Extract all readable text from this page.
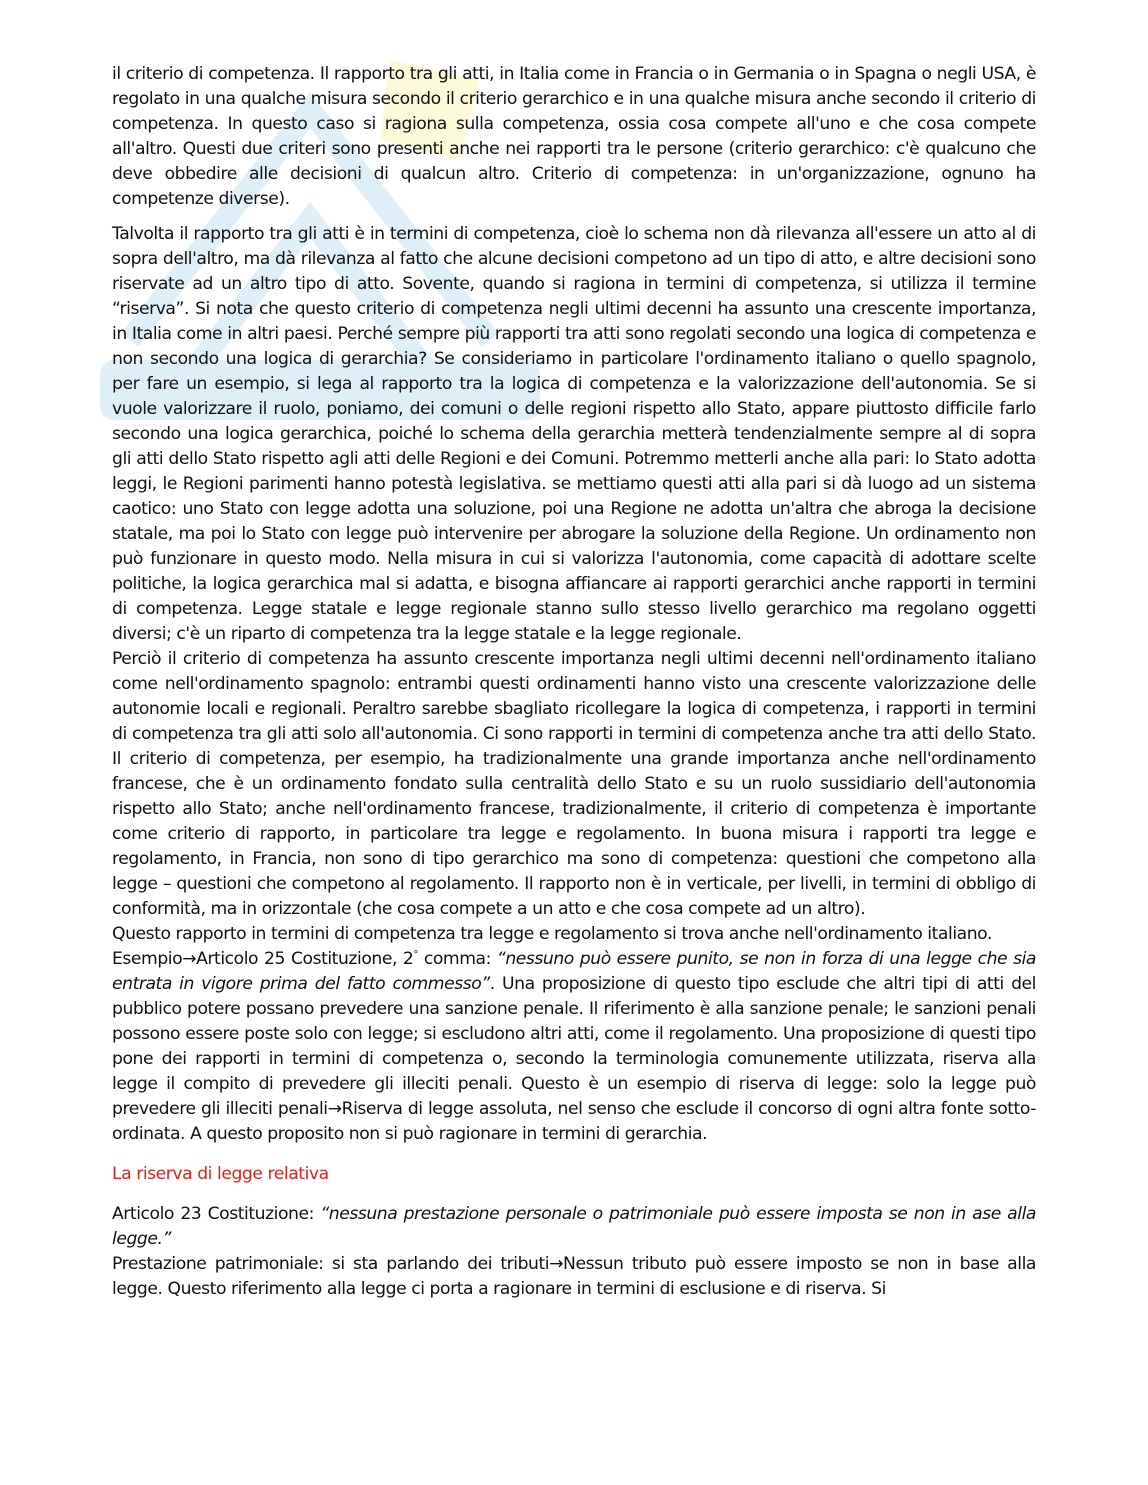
il criterio di competenza. Il rapporto tra gli atti, in Italia come in Francia o in Germania o in Spagna o negli USA, è regolato in una qualche misura secondo il criterio gerarchico e in una qualche misura anche secondo il criterio di competenza. In questo caso si ragiona sulla competenza, ossia cosa compete all'uno e che cosa compete all'altro. Questi due criteri sono presenti anche nei rapporti tra le persone (criterio gerarchico: c'è qualcuno che deve obbedire alle decisioni di qualcun altro. Criterio di competenza: in un'organizzazione, ognuno ha competenze diverse).

Talvolta il rapporto tra gli atti è in termini di competenza, cioè lo schema non dà rilevanza all'essere un atto al di sopra dell'altro, ma dà rilevanza al fatto che alcune decisioni competono ad un tipo di atto, e altre decisioni sono riservate ad un altro tipo di atto. Sovente, quando si ragiona in termini di competenza, si utilizza il termine “riserva”. Si nota che questo criterio di competenza negli ultimi decenni ha assunto una crescente importanza, in Italia come in altri paesi. Perché sempre più rapporti tra atti sono regolati secondo una logica di competenza e non secondo una logica di gerarchia? Se consideriamo in particolare l'ordinamento italiano o quello spagnolo, per fare un esempio, si lega al rapporto tra la logica di competenza e la valorizzazione dell'autonomia. Se si vuole valorizzare il ruolo, poniamo, dei comuni o delle regioni rispetto allo Stato, appare piuttosto difficile farlo secondo una logica gerarchica, poiché lo schema della gerarchia metterà tendenzialmente sempre al di sopra gli atti dello Stato rispetto agli atti delle Regioni e dei Comuni. Potremmo metterli anche alla pari: lo Stato adotta leggi, le Regioni parimenti hanno potestà legislativa. se mettiamo questi atti alla pari si dà luogo ad un sistema caotico: uno Stato con legge adotta una soluzione, poi una Regione ne adotta un'altra che abroga la decisione statale, ma poi lo Stato con legge può intervenire per abrogare la soluzione della Regione. Un ordinamento non può funzionare in questo modo. Nella misura in cui si valorizza l'autonomia, come capacità di adottare scelte politiche, la logica gerarchica mal si adatta, e bisogna affiancare ai rapporti gerarchici anche rapporti in termini di competenza. Legge statale e legge regionale stanno sullo stesso livello gerarchico ma regolano oggetti diversi; c'è un riparto di competenza tra la legge statale e la legge regionale.

Perciò il criterio di competenza ha assunto crescente importanza negli ultimi decenni nell'ordinamento italiano come nell'ordinamento spagnolo: entrambi questi ordinamenti hanno visto una crescente valorizzazione delle autonomie locali e regionali. Peraltro sarebbe sbagliato ricollegare la logica di competenza, i rapporti in termini di competenza tra gli atti solo all'autonomia. Ci sono rapporti in termini di competenza anche tra atti dello Stato. Il criterio di competenza, per esempio, ha tradizionalmente una grande importanza anche nell'ordinamento francese, che è un ordinamento fondato sulla centralità dello Stato e su un ruolo sussidiario dell'autonomia rispetto allo Stato; anche nell'ordinamento francese, tradizionalmente, il criterio di competenza è importante come criterio di rapporto, in particolare tra legge e regolamento. In buona misura i rapporti tra legge e regolamento, in Francia, non sono di tipo gerarchico ma sono di competenza: questioni che competono alla legge – questioni che competono al regolamento. Il rapporto non è in verticale, per livelli, in termini di obbligo di conformità, ma in orizzontale (che cosa compete a un atto e che cosa compete ad un altro).

Questo rapporto in termini di competenza tra legge e regolamento si trova anche nell'ordinamento italiano.

Esempio→Articolo 25 Costituzione, 2° comma: “nessuno può essere punito, se non in forza di una legge che sia entrata in vigore prima del fatto commesso”. Una proposizione di questo tipo esclude che altri tipi di atti del pubblico potere possano prevedere una sanzione penale. Il riferimento è alla sanzione penale; le sanzioni penali possono essere poste solo con legge; si escludono altri atti, come il regolamento. Una proposizione di questi tipo pone dei rapporti in termini di competenza o, secondo la terminologia comunemente utilizzata, riserva alla legge il compito di prevedere gli illeciti penali. Questo è un esempio di riserva di legge: solo la legge può prevedere gli illeciti penali→Riserva di legge assoluta, nel senso che esclude il concorso di ogni altra fonte sotto-ordinata. A questo proposito non si può ragionare in termini di gerarchia.

La riserva di legge relativa

Articolo 23 Costituzione: “nessuna prestazione personale o patrimoniale può essere imposta se non in ase alla legge.”

Prestazione patrimoniale: si sta parlando dei tributi→Nessun tributo può essere imposto se non in base alla legge. Questo riferimento alla legge ci porta a ragionare in termini di esclusione e di riserva. Si
